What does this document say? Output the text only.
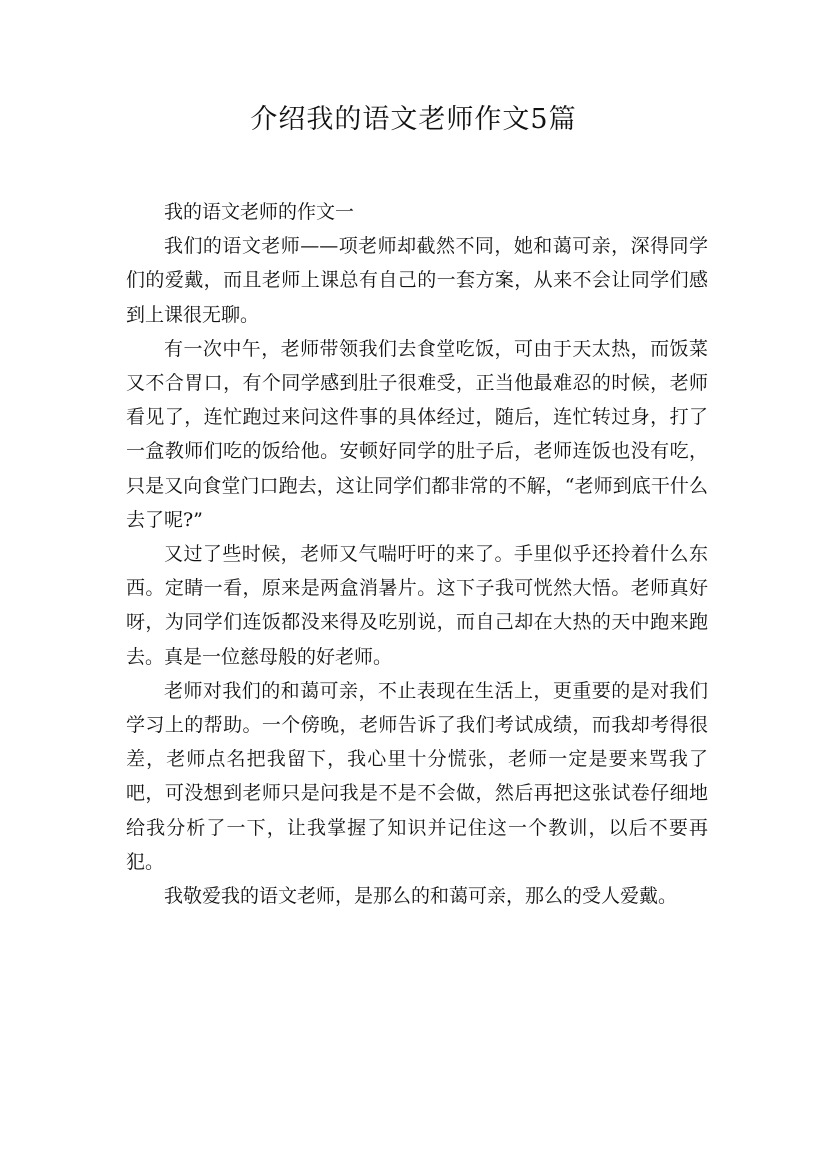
介绍我的语文老师作文5篇

我的语文老师的作文一

我们的语文老师——项老师却截然不同，她和蔼可亲，深得同学们的爱戴，而且老师上课总有自己的一套方案，从来不会让同学们感到上课很无聊。

有一次中午，老师带领我们去食堂吃饭，可由于天太热，而饭菜又不合胃口，有个同学感到肚子很难受，正当他最难忍的时候，老师看见了，连忙跑过来问这件事的具体经过，随后，连忙转过身，打了一盒教师们吃的饭给他。安顿好同学的肚子后，老师连饭也没有吃，只是又向食堂门口跑去，这让同学们都非常的不解，“老师到底干什么去了呢?”

又过了些时候，老师又气喘吁吁的来了。手里似乎还拎着什么东西。定睛一看，原来是两盒消暑片。这下子我可恍然大悟。老师真好呀，为同学们连饭都没来得及吃别说，而自己却在大热的天中跑来跑去。真是一位慈母般的好老师。

老师对我们的和蔼可亲，不止表现在生活上，更重要的是对我们学习上的帮助。一个傍晚，老师告诉了我们考试成绩，而我却考得很差，老师点名把我留下，我心里十分慌张，老师一定是要来骂我了吧，可没想到老师只是问我是不是不会做，然后再把这张试卷仔细地给我分析了一下，让我掌握了知识并记住这一个教训，以后不要再犯。

我敬爱我的语文老师，是那么的和蔼可亲，那么的受人爱戴。
